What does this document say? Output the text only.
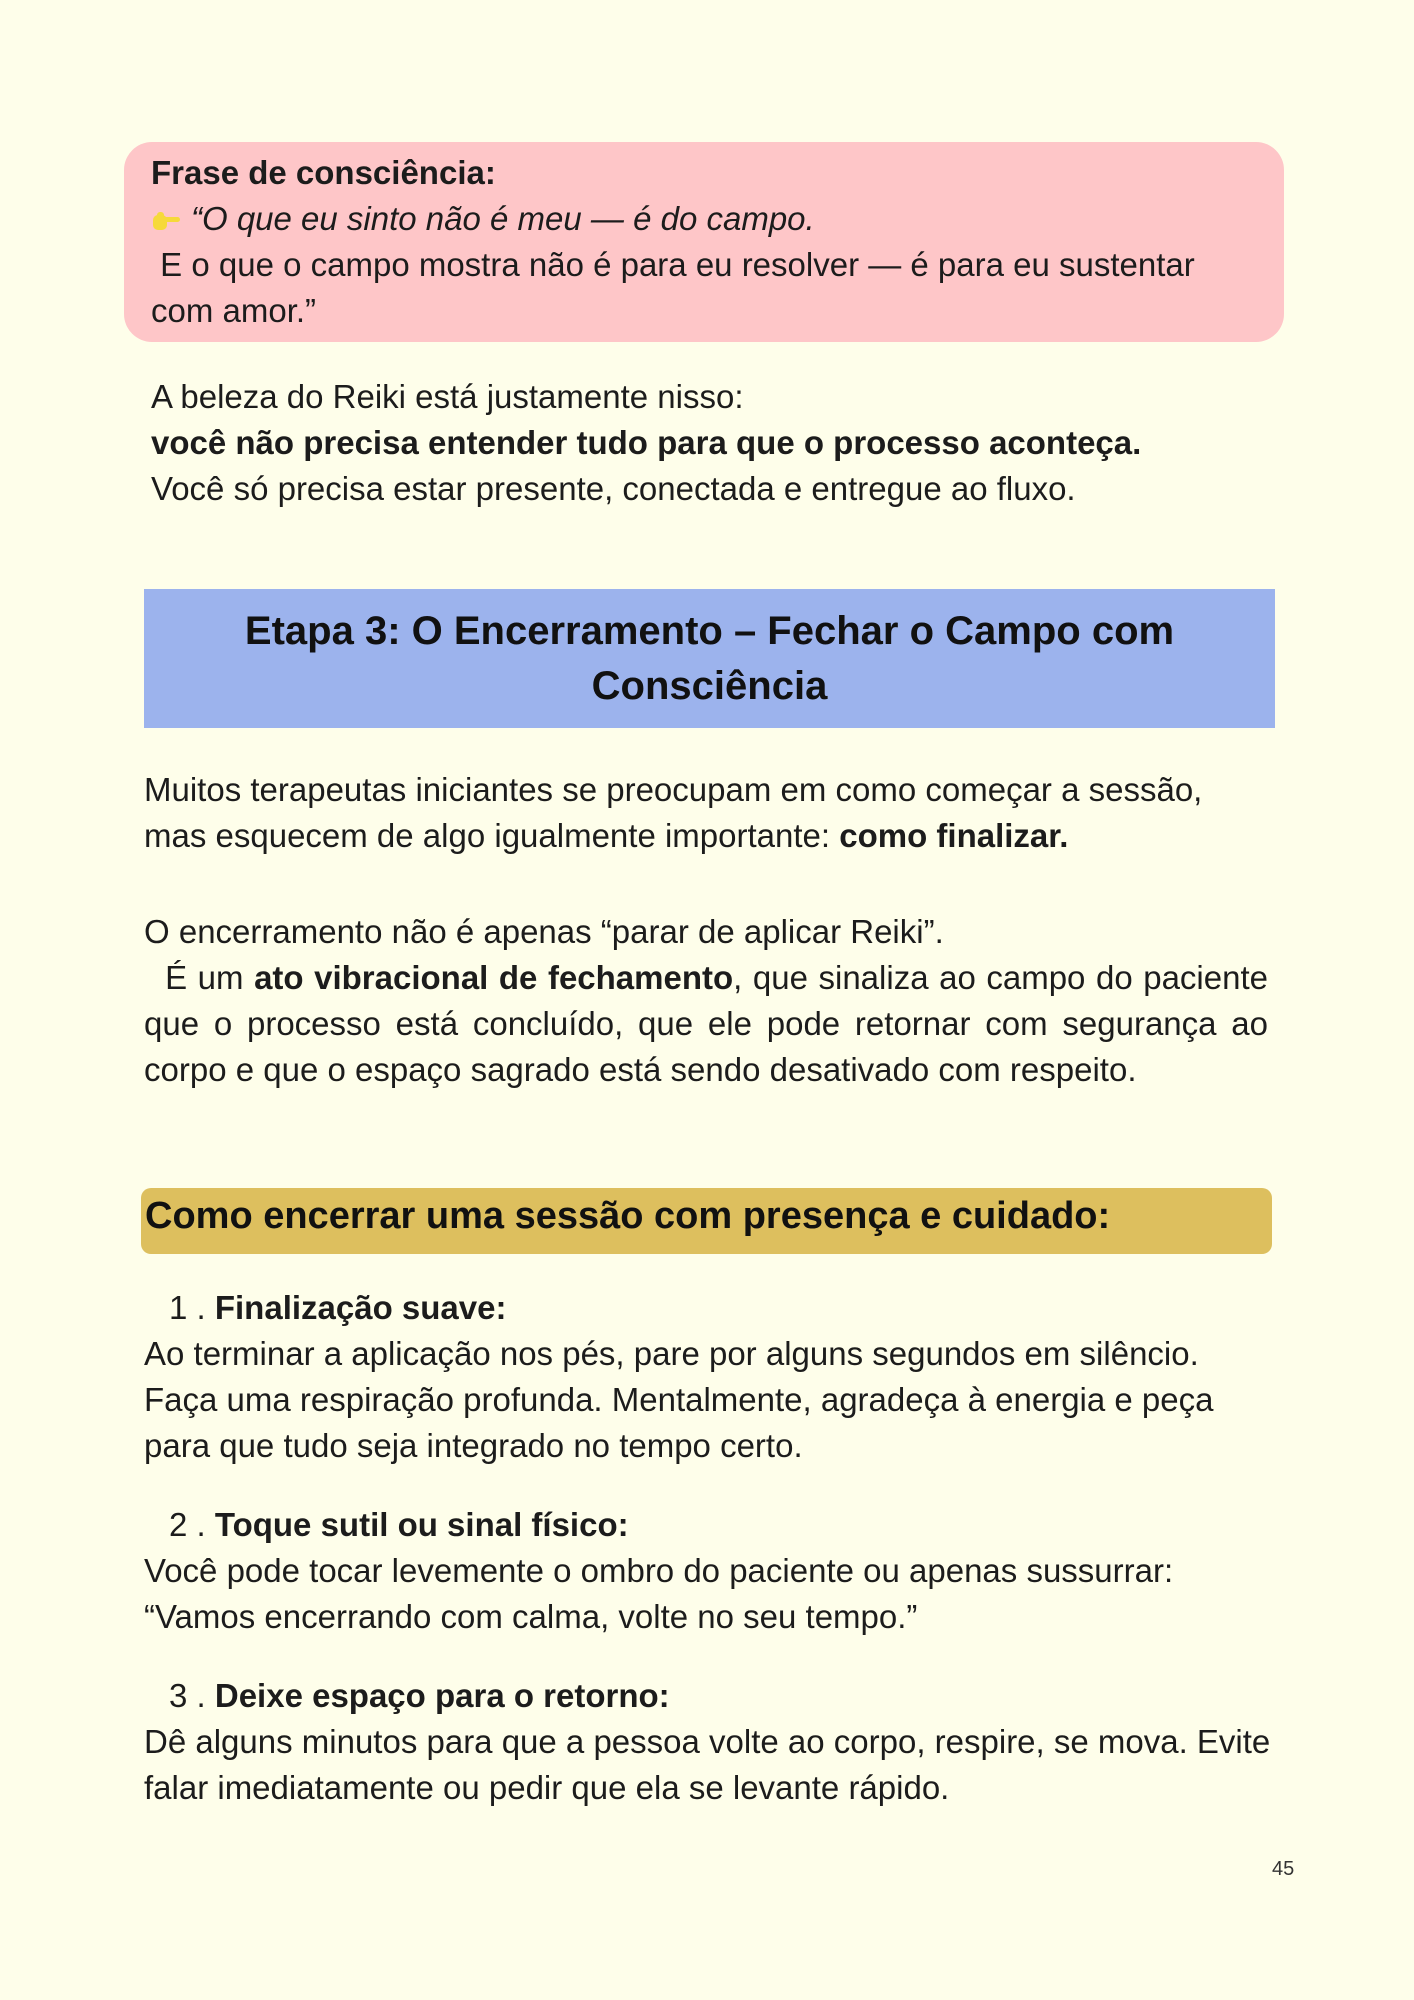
Frase de consciência:
“O que eu sinto não é meu — é do campo.
E o que o campo mostra não é para eu resolver — é para eu sustentar
com amor.”

A beleza do Reiki está justamente nisso:

você não precisa entender tudo para que o processo aconteça.

Você só precisa estar presente, conectada e entregue ao fluxo.

Etapa 3: O Encerramento – Fechar o Campo com Consciência

Muitos terapeutas iniciantes se preocupam em como começar a sessão, mas esquecem de algo igualmente importante: como finalizar.

O encerramento não é apenas “parar de aplicar Reiki”.

É um ato vibracional de fechamento, que sinaliza ao campo do paciente que o processo está concluído, que ele pode retornar com segurança ao corpo e que o espaço sagrado está sendo desativado com respeito.

Como encerrar uma sessão com presença e cuidado:
1 . Finalização suave:

Ao terminar a aplicação nos pés, pare por alguns segundos em silêncio. Faça uma respiração profunda. Mentalmente, agradeça à energia e peça para que tudo seja integrado no tempo certo.

2 . Toque sutil ou sinal físico:

Você pode tocar levemente o ombro do paciente ou apenas sussurrar: “Vamos encerrando com calma, volte no seu tempo.”

3 . Deixe espaço para o retorno:

Dê alguns minutos para que a pessoa volte ao corpo, respire, se mova. Evite falar imediatamente ou pedir que ela se levante rápido.

45
